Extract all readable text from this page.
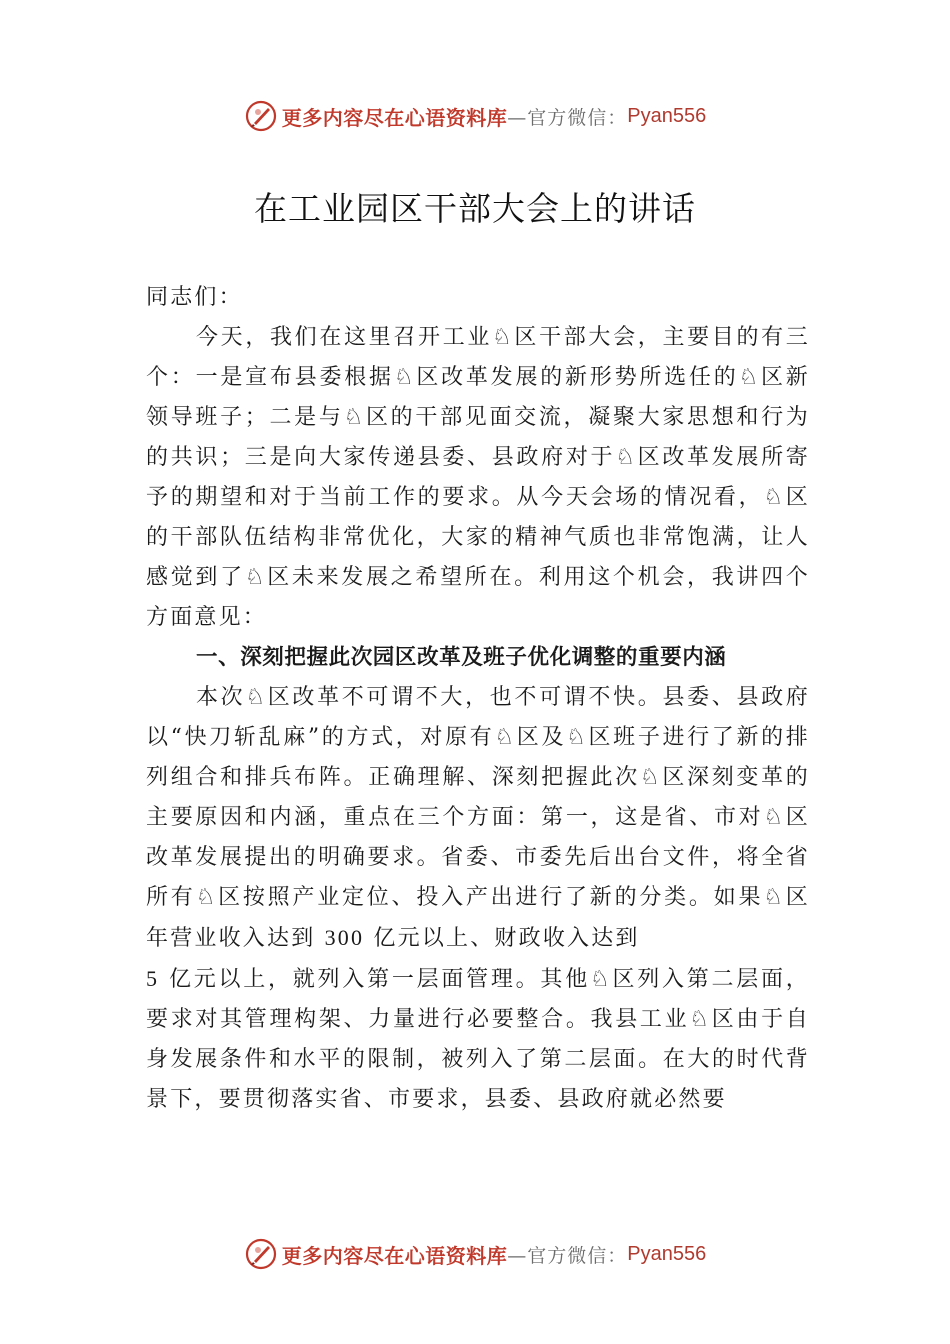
更多内容尽在心语资料库 —官方微信： Pyan556
在工业园区干部大会上的讲话

同志们：

今天，我们在这里召开工业♘区干部大会，主要目的有三个：一是宣布县委根据♘区改革发展的新形势所选任的♘区新领导班子；二是与♘区的干部见面交流，凝聚大家思想和行为的共识；三是向大家传递县委、县政府对于♘区改革发展所寄予的期望和对于当前工作的要求。从今天会场的情况看，♘区的干部队伍结构非常优化，大家的精神气质也非常饱满，让人感觉到了♘区未来发展之希望所在。利用这个机会，我讲四个方面意见：

一、深刻把握此次园区改革及班子优化调整的重要内涵

本次♘区改革不可谓不大，也不可谓不快。县委、县政府以“快刀斩乱麻”的方式，对原有♘区及♘区班子进行了新的排列组合和排兵布阵。正确理解、深刻把握此次♘区深刻变革的主要原因和内涵，重点在三个方面：第一，这是省、市对♘区改革发展提出的明确要求。省委、市委先后出台文件，将全省所有♘区按照产业定位、投入产出进行了新的分类。如果♘区年营业收入达到 300 亿元以上、财政收入达到
5 亿元以上，就列入第一层面管理。其他♘区列入第二层面，要求对其管理构架、力量进行必要整合。我县工业♘区由于自身发展条件和水平的限制，被列入了第二层面。在大的时代背景下，要贯彻落实省、市要求，县委、县政府就必然要

更多内容尽在心语资料库 —官方微信： Pyan556
